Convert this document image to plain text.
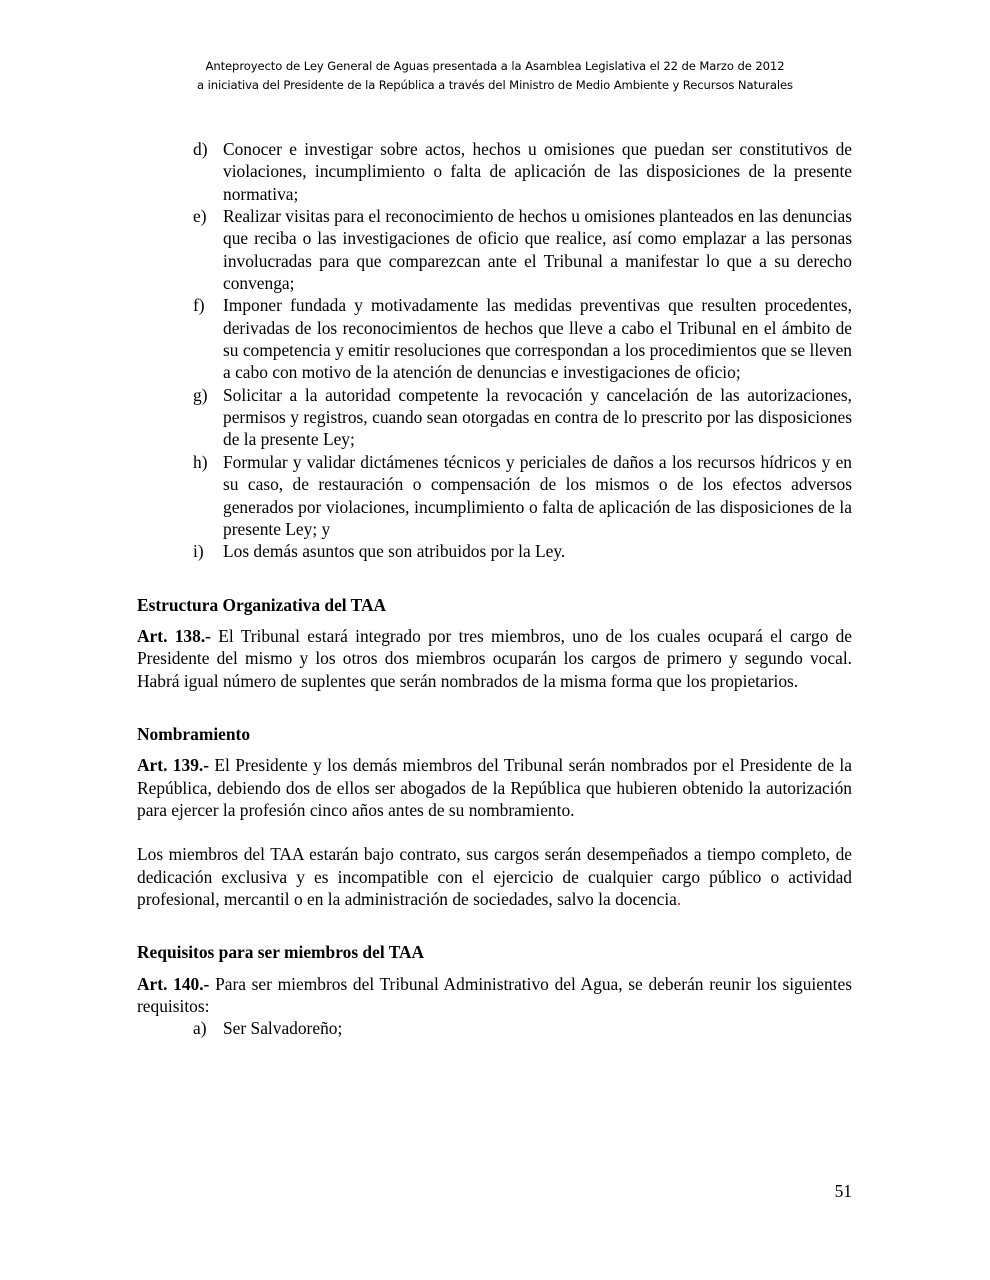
Anteproyecto de Ley General de Aguas presentada a la Asamblea Legislativa el 22 de Marzo de 2012
a iniciativa del Presidente de la República a través del Ministro de Medio Ambiente y Recursos Naturales
d) Conocer e investigar sobre actos, hechos u omisiones que puedan ser constitutivos de violaciones, incumplimiento o falta de aplicación de las disposiciones de la presente normativa;
e) Realizar visitas para el reconocimiento de hechos u omisiones planteados en las denuncias que reciba o las investigaciones de oficio que realice, así como emplazar a las personas involucradas para que comparezcan ante el Tribunal a manifestar lo que a su derecho convenga;
f) Imponer fundada y motivadamente las medidas preventivas que resulten procedentes, derivadas de los reconocimientos de hechos que lleve a cabo el Tribunal en el ámbito de su competencia y emitir resoluciones que correspondan a los procedimientos que se lleven a cabo con motivo de la atención de denuncias e investigaciones de oficio;
g) Solicitar a la autoridad competente la revocación y cancelación de las autorizaciones, permisos y registros, cuando sean otorgadas en contra de lo prescrito por las disposiciones de la presente Ley;
h) Formular y validar dictámenes técnicos y periciales de daños a los recursos hídricos y en su caso, de restauración o compensación de los mismos o de los efectos adversos generados por violaciones, incumplimiento o falta de aplicación de las disposiciones de la presente Ley; y
i) Los demás asuntos que son atribuidos por la Ley.

Estructura Organizativa del TAA

Art. 138.- El Tribunal estará integrado por tres miembros, uno de los cuales ocupará el cargo de Presidente del mismo y los otros dos miembros ocuparán los cargos de primero y segundo vocal. Habrá igual número de suplentes que serán nombrados de la misma forma que los propietarios.

Nombramiento

Art. 139.- El Presidente y los demás miembros del Tribunal serán nombrados por el Presidente de la República, debiendo dos de ellos ser abogados de la República que hubieren obtenido la autorización para ejercer la profesión cinco años antes de su nombramiento.

Los miembros del TAA estarán bajo contrato, sus cargos serán desempeñados a tiempo completo, de dedicación exclusiva y es incompatible con el ejercicio de cualquier cargo público o actividad profesional, mercantil o en la administración de sociedades, salvo la docencia.

Requisitos para ser miembros del TAA

Art. 140.- Para ser miembros del Tribunal Administrativo del Agua, se deberán reunir los siguientes requisitos:

a) Ser Salvadoreño;
51
